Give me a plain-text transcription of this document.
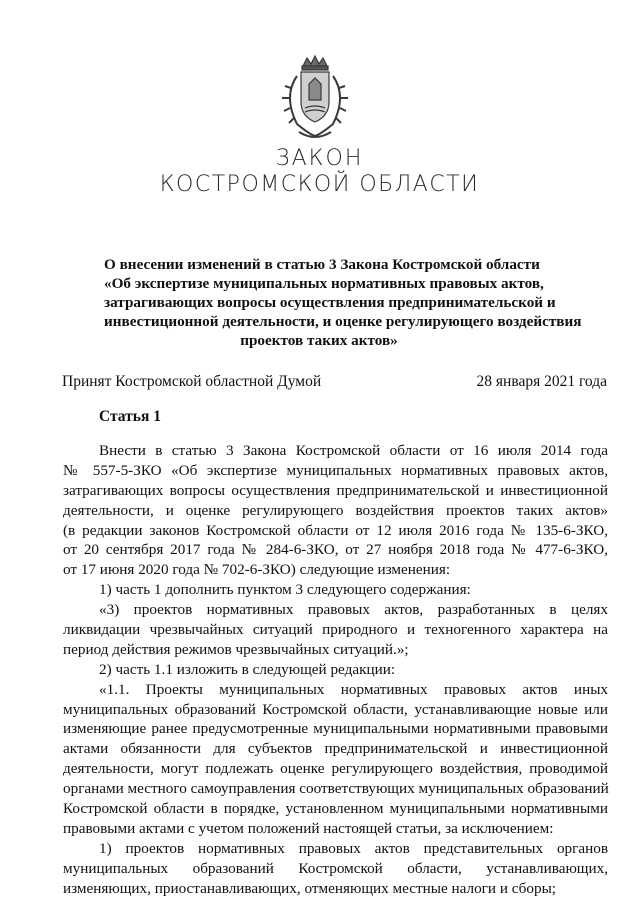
ЗАКОН
КОСТРОМСКОЙ ОБЛАСТИ
О внесении изменений в статью 3 Закона Костромской области
«Об экспертизе муниципальных нормативных правовых актов,
затрагивающих вопросы осуществления предпринимательской и
инвестиционной деятельности, и оценке регулирующего воздействия
проектов таких актов»
Принят Костромской областной Думой	28 января 2021 года
Статья 1
Внести в статью 3 Закона Костромской области от 16 июля 2014 года
№ 557-5-ЗКО «Об экспертизе муниципальных нормативных правовых актов,
затрагивающих вопросы осуществления предпринимательской и инвестиционной
деятельности, и оценке регулирующего воздействия проектов таких актов»
(в редакции законов Костромской области от 12 июля 2016 года № 135-6-ЗКО,
от 20 сентября 2017 года № 284-6-ЗКО, от 27 ноября 2018 года № 477-6-ЗКО,
от 17 июня 2020 года № 702-6-ЗКО) следующие изменения:
1) часть 1 дополнить пунктом 3 следующего содержания:
«3) проектов нормативных правовых актов, разработанных в целях
ликвидации чрезвычайных ситуаций природного и техногенного характера на
период действия режимов чрезвычайных ситуаций.»;
2) часть 1.1 изложить в следующей редакции:
«1.1. Проекты муниципальных нормативных правовых актов иных
муниципальных образований Костромской области, устанавливающие новые или
изменяющие ранее предусмотренные муниципальными нормативными правовыми
актами обязанности для субъектов предпринимательской и инвестиционной
деятельности, могут подлежать оценке регулирующего воздействия, проводимой
органами местного самоуправления соответствующих муниципальных образований
Костромской области в порядке, установленном муниципальными нормативными
правовыми актами с учетом положений настоящей статьи, за исключением:
1) проектов нормативных правовых актов представительных органов
муниципальных образований Костромской области, устанавливающих,
изменяющих, приостанавливающих, отменяющих местные налоги и сборы;
